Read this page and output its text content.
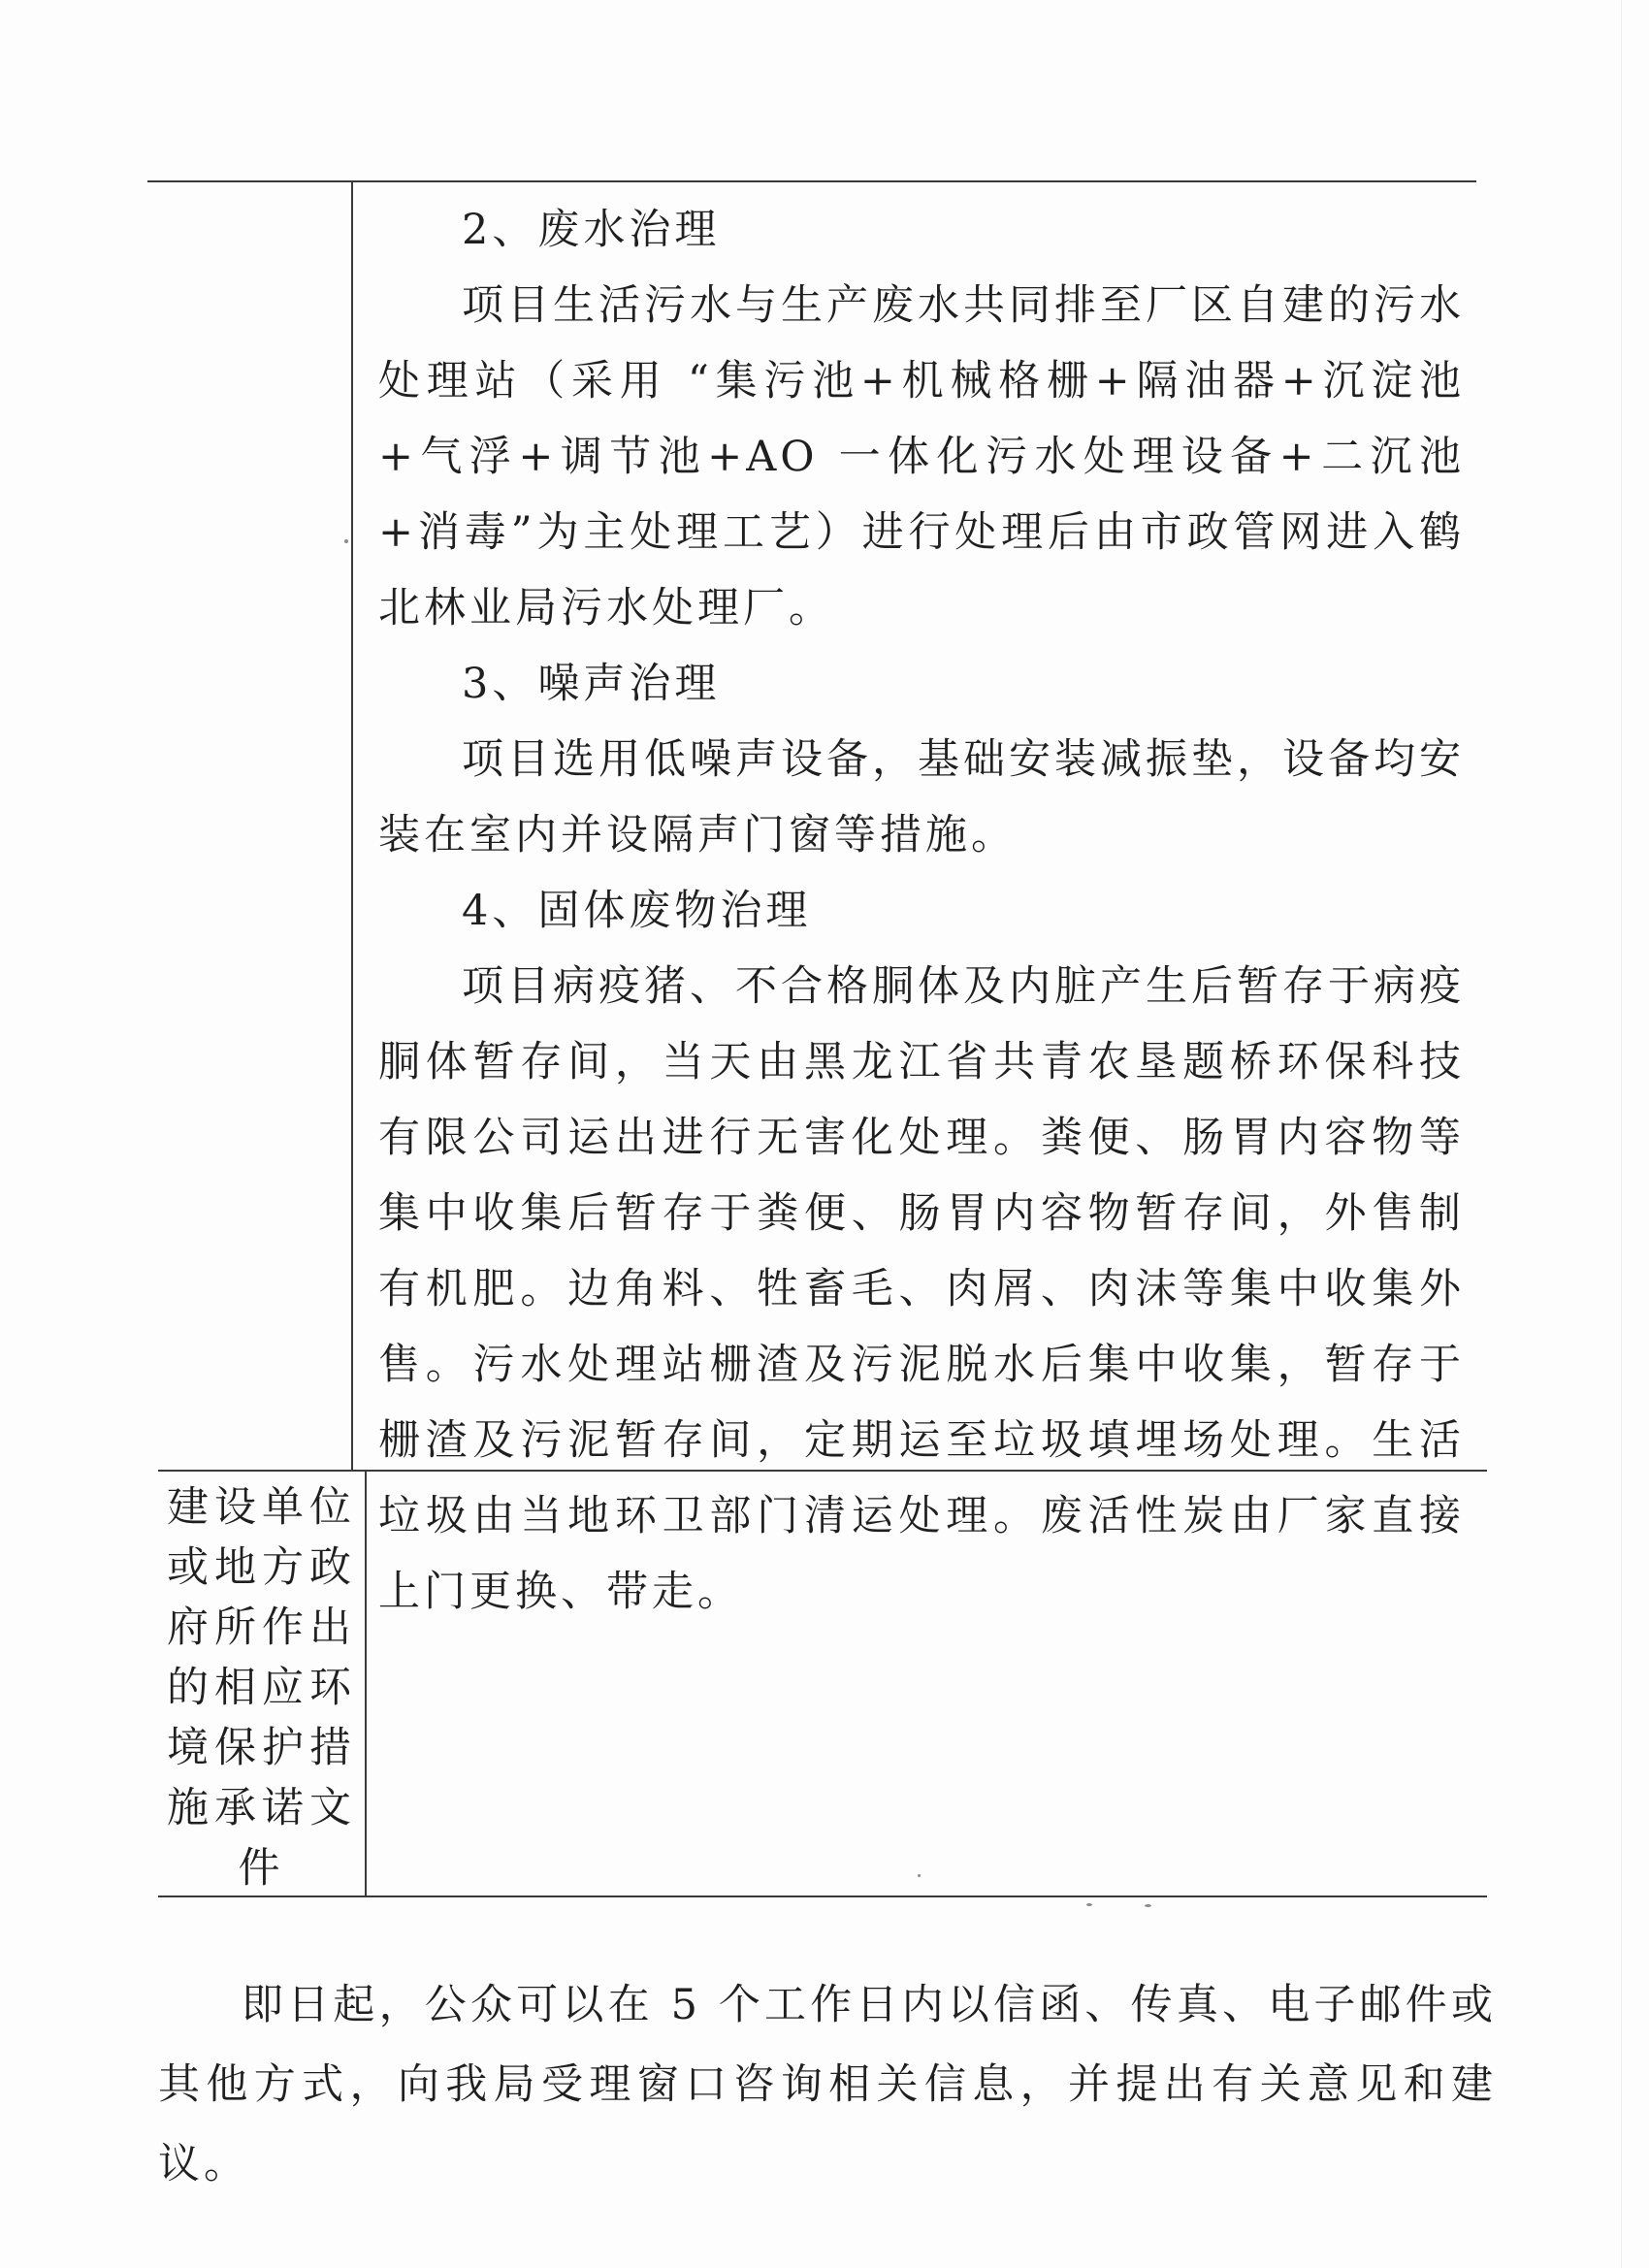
2、废水治理

项目生活污水与生产废水共同排至厂区自建的污水处理站（采用 “集污池+机械格栅+隔油器+沉淀池+气浮+调节池+AO 一体化污水处理设备+二沉池+消毒”为主处理工艺）进行处理后由市政管网进入鹤北林业局污水处理厂。

3、噪声治理

项目选用低噪声设备，基础安装减振垫，设备均安装在室内并设隔声门窗等措施。

4、固体废物治理

项目病疫猪、不合格胴体及内脏产生后暂存于病疫胴体暂存间，当天由黑龙江省共青农垦题桥环保科技有限公司运出进行无害化处理。粪便、肠胃内容物等集中收集后暂存于粪便、肠胃内容物暂存间，外售制有机肥。边角料、牲畜毛、肉屑、肉沫等集中收集外售。污水处理站栅渣及污泥脱水后集中收集，暂存于栅渣及污泥暂存间，定期运至垃圾填埋场处理。生活垃圾由当地环卫部门清运处理。废活性炭由厂家直接上门更换、带走。

建设单位
或地方政
府所作出
的相应环
境保护措
施承诺文
件

即日起，公众可以在 5 个工作日内以信函、传真、电子邮件或其他方式，向我局受理窗口咨询相关信息，并提出有关意见和建议。
